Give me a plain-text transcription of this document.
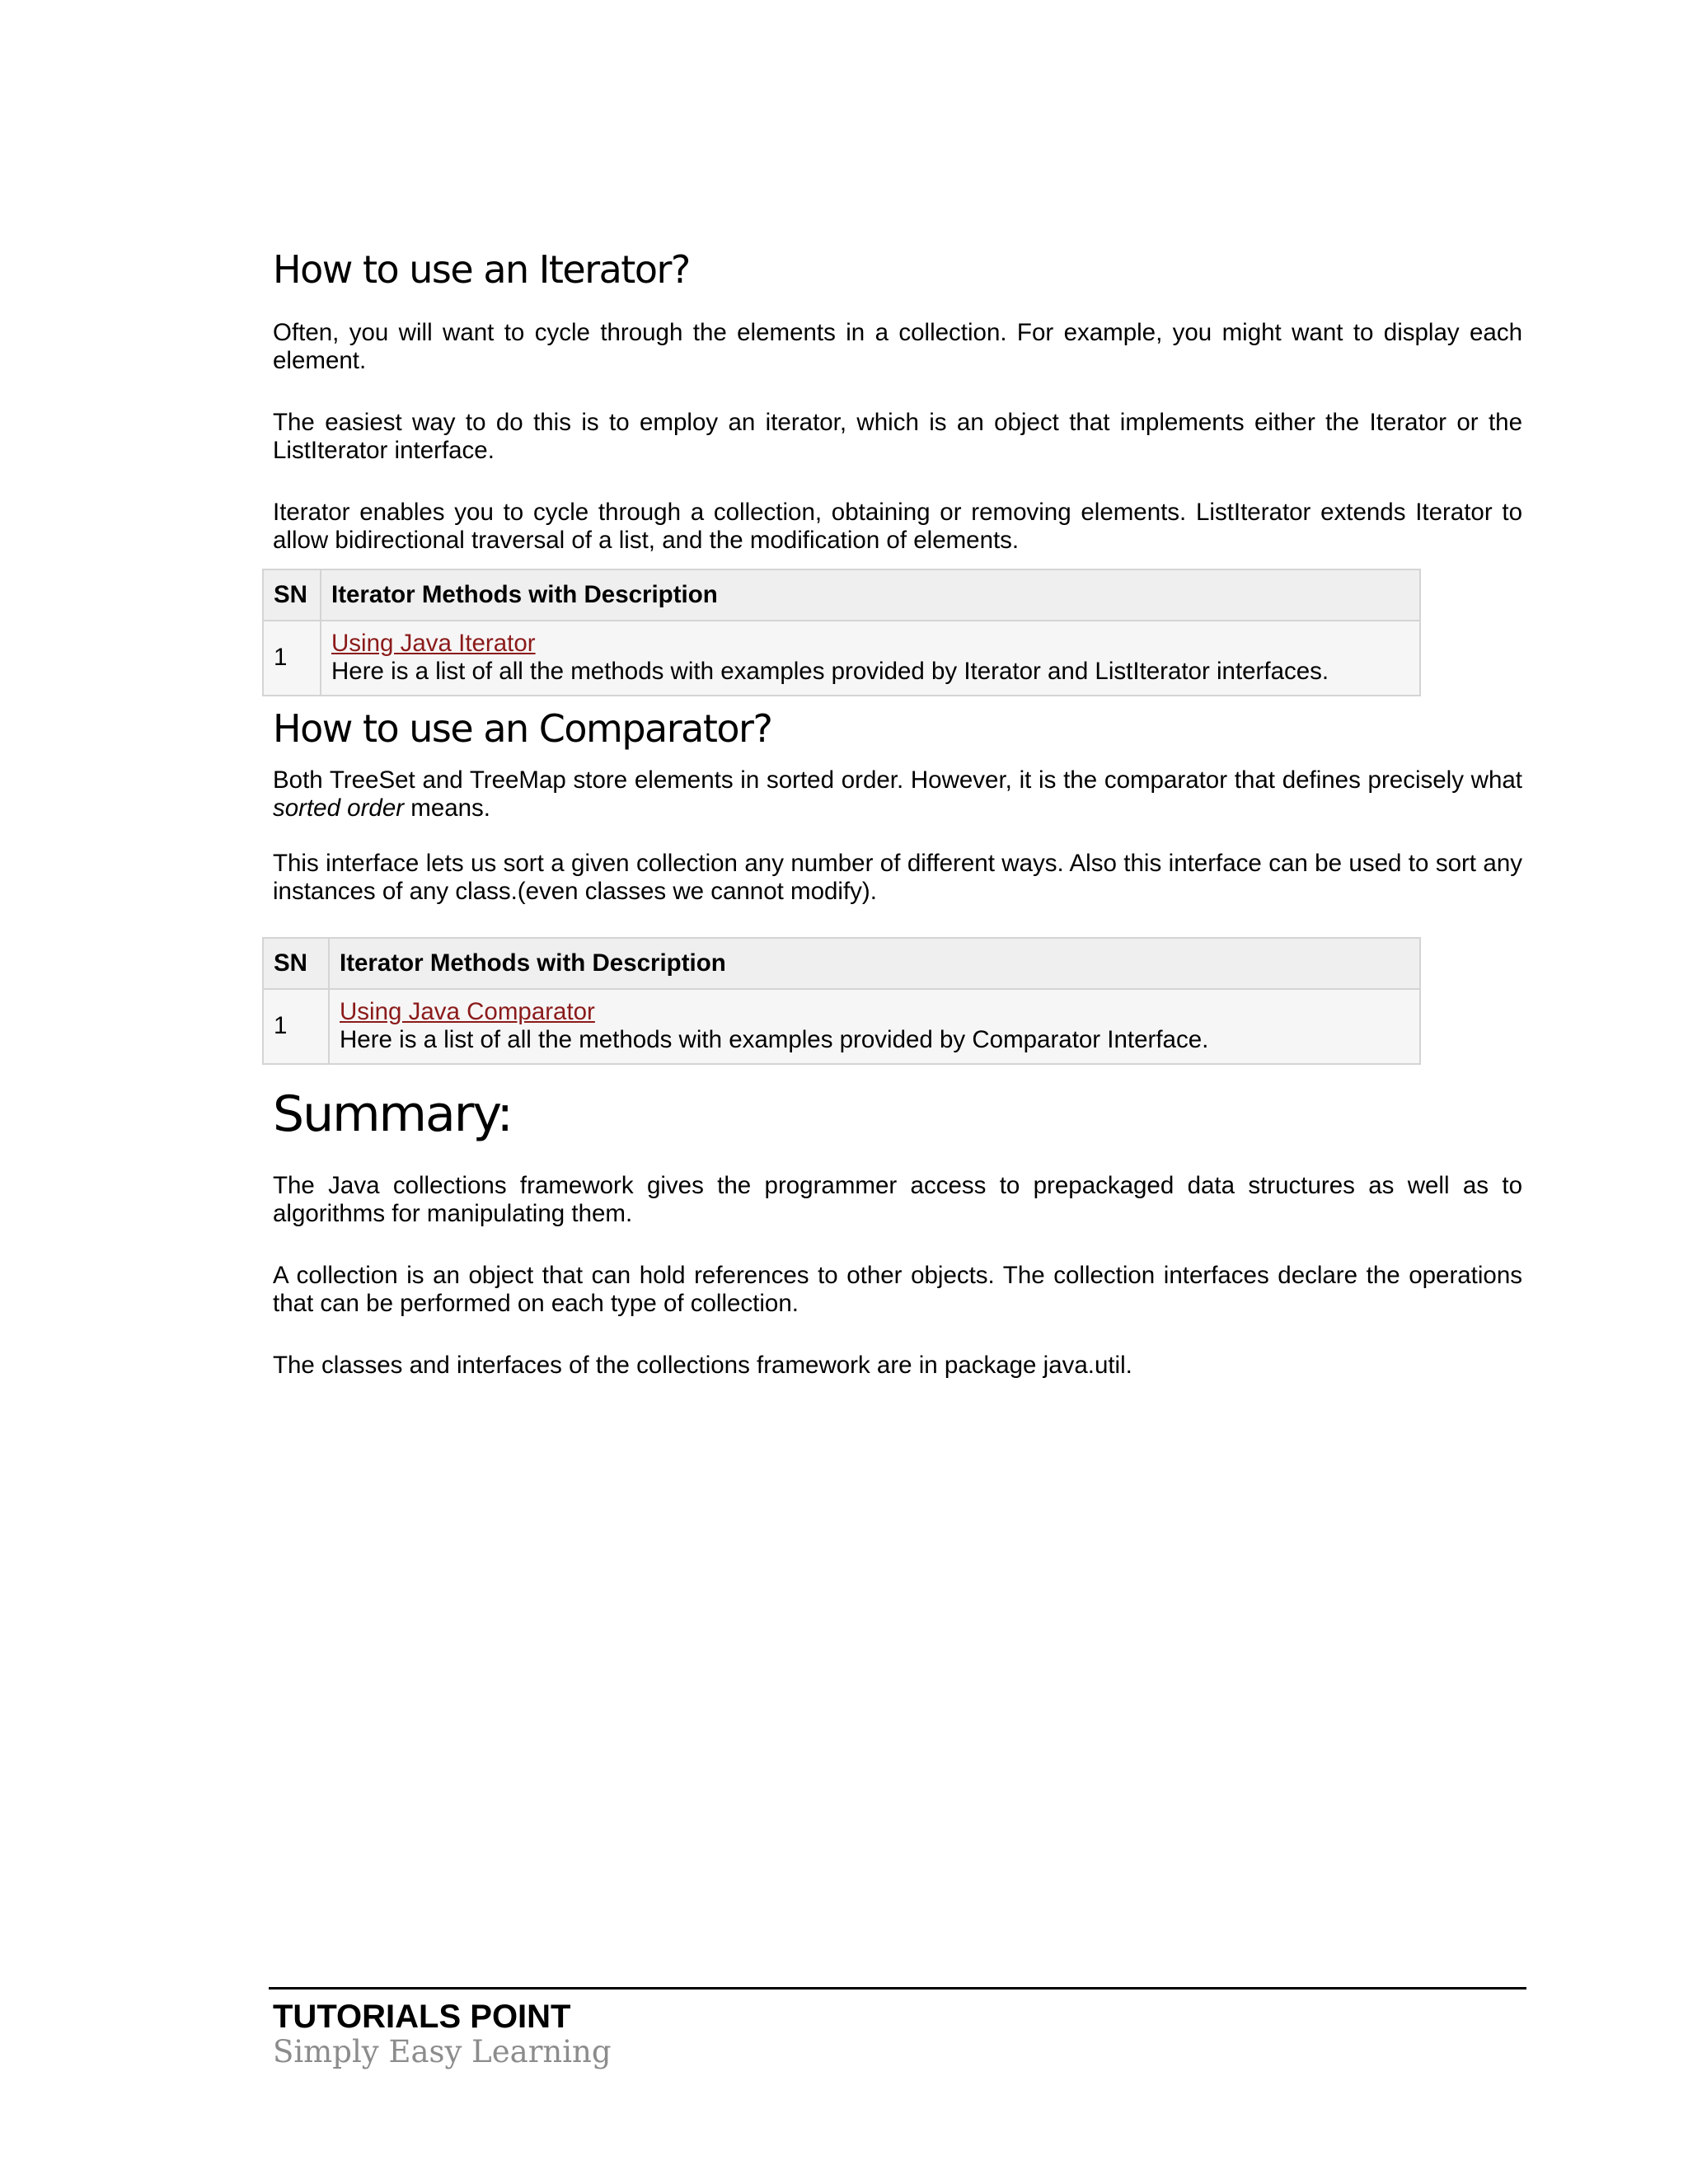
How to use an Iterator?

Often, you will want to cycle through the elements in a collection. For example, you might want to display each element.

The easiest way to do this is to employ an iterator, which is an object that implements either the Iterator or the ListIterator interface.

Iterator enables you to cycle through a collection, obtaining or removing elements. ListIterator extends Iterator to allow bidirectional traversal of a list, and the modification of elements.

SN	Iterator Methods with Description
1	Using Java Iterator
Here is a list of all the methods with examples provided by Iterator and ListIterator interfaces.
How to use an Comparator?

Both TreeSet and TreeMap store elements in sorted order. However, it is the comparator that defines precisely what sorted order means.

This interface lets us sort a given collection any number of different ways. Also this interface can be used to sort any instances of any class.(even classes we cannot modify).

SN	Iterator Methods with Description
1	Using Java Comparator
Here is a list of all the methods with examples provided by Comparator Interface.
Summary:

The Java collections framework gives the programmer access to prepackaged data structures as well as to algorithms for manipulating them.

A collection is an object that can hold references to other objects. The collection interfaces declare the operations that can be performed on each type of collection.

The classes and interfaces of the collections framework are in package java.util.

TUTORIALS POINT
Simply Easy Learning
